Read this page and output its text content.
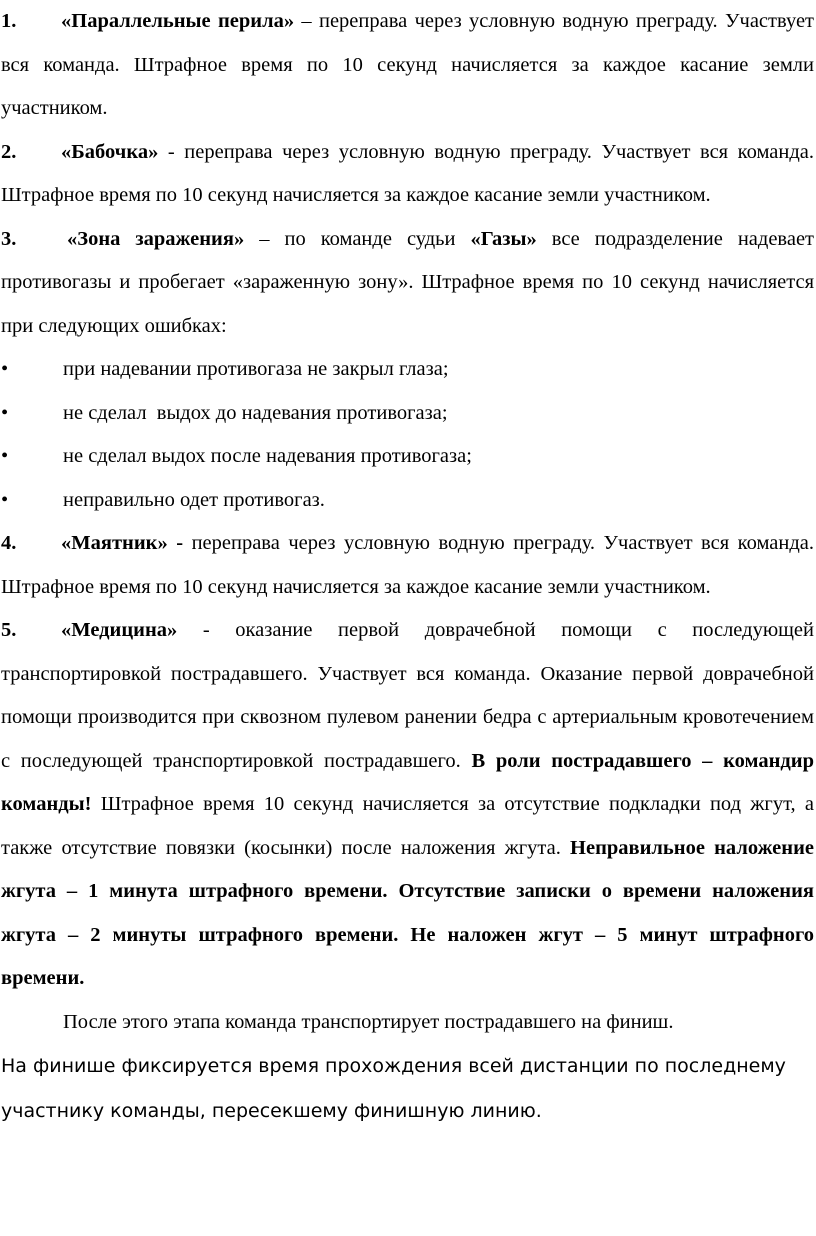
1. «Параллельные перила» – переправа через условную водную преграду. Участвует вся команда. Штрафное время по 10 секунд начисляется за каждое касание земли участником.

2. «Бабочка» - переправа через условную водную преграду. Участвует вся команда. Штрафное время по 10 секунд начисляется за каждое касание земли участником.

3. «Зона заражения» – по команде судьи «Газы» все подразделение надевает противогазы и пробегает «зараженную зону». Штрафное время по 10 секунд начисляется при следующих ошибках:

•	при надевании противогаза не закрыл глаза;
•	не сделал  выдох до надевания противогаза;
•	не сделал выдох после надевания противогаза;
•	неправильно одет противогаз.

4. «Маятник» - переправа через условную водную преграду. Участвует вся команда. Штрафное время по 10 секунд начисляется за каждое касание земли участником.

5. «Медицина» - оказание первой доврачебной помощи с последующей транспортировкой пострадавшего. Участвует вся команда. Оказание первой доврачебной помощи производится при сквозном пулевом ранении бедра с артериальным кровотечением с последующей транспортировкой пострадавшего. В роли пострадавшего – командир команды! Штрафное время 10 секунд начисляется за отсутствие подкладки под жгут, а также отсутствие повязки (косынки) после наложения жгута. Неправильное наложение жгута – 1 минута штрафного времени. Отсутствие записки о времени наложения жгута – 2 минуты штрафного времени. Не наложен жгут – 5 минут штрафного времени.

После этого этапа команда транспортирует пострадавшего на финиш.

На финише фиксируется время прохождения всей дистанции по последнему участнику команды, пересекшему финишную линию.
